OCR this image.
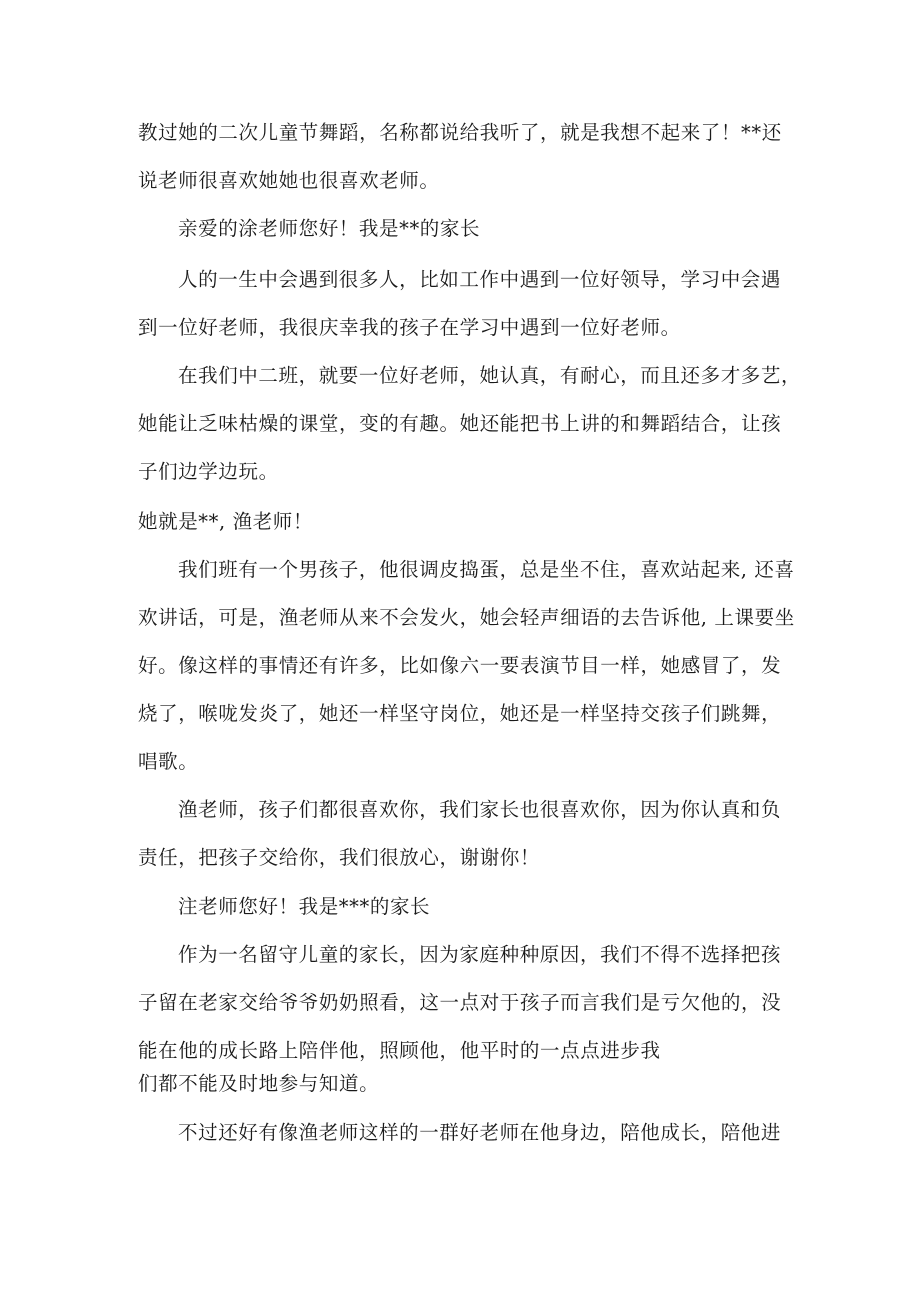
教过她的二次儿童节舞蹈，名称都说给我听了，就是我想不起来了！**还
说老师很喜欢她她也很喜欢老师。
亲爱的涂老师您好！我是**的家长
人的一生中会遇到很多人，比如工作中遇到一位好领导，学习中会遇
到一位好老师，我很庆幸我的孩子在学习中遇到一位好老师。
在我们中二班，就要一位好老师，她认真，有耐心，而且还多才多艺，
她能让乏味枯燥的课堂，变的有趣。她还能把书上讲的和舞蹈结合，让孩
子们边学边玩。
她就是**, 渔老师！
我们班有一个男孩子，他很调皮捣蛋，总是坐不住，喜欢站起来, 还喜
欢讲话，可是，渔老师从来不会发火，她会轻声细语的去告诉他, 上课要坐
好。像这样的事情还有许多，比如像六一要表演节目一样，她感冒了，发
烧了，喉咙发炎了，她还一样坚守岗位，她还是一样坚持交孩子们跳舞，
唱歌。
渔老师，孩子们都很喜欢你，我们家长也很喜欢你，因为你认真和负
责任，把孩子交给你，我们很放心，谢谢你！
注老师您好！我是***的家长
作为一名留守儿童的家长，因为家庭种种原因，我们不得不选择把孩
子留在老家交给爷爷奶奶照看，这一点对于孩子而言我们是亏欠他的，没
能在他的成长路上陪伴他，照顾他，他平时的一点点进步我
们都不能及时地参与知道。
不过还好有像渔老师这样的一群好老师在他身边，陪他成长，陪他进
